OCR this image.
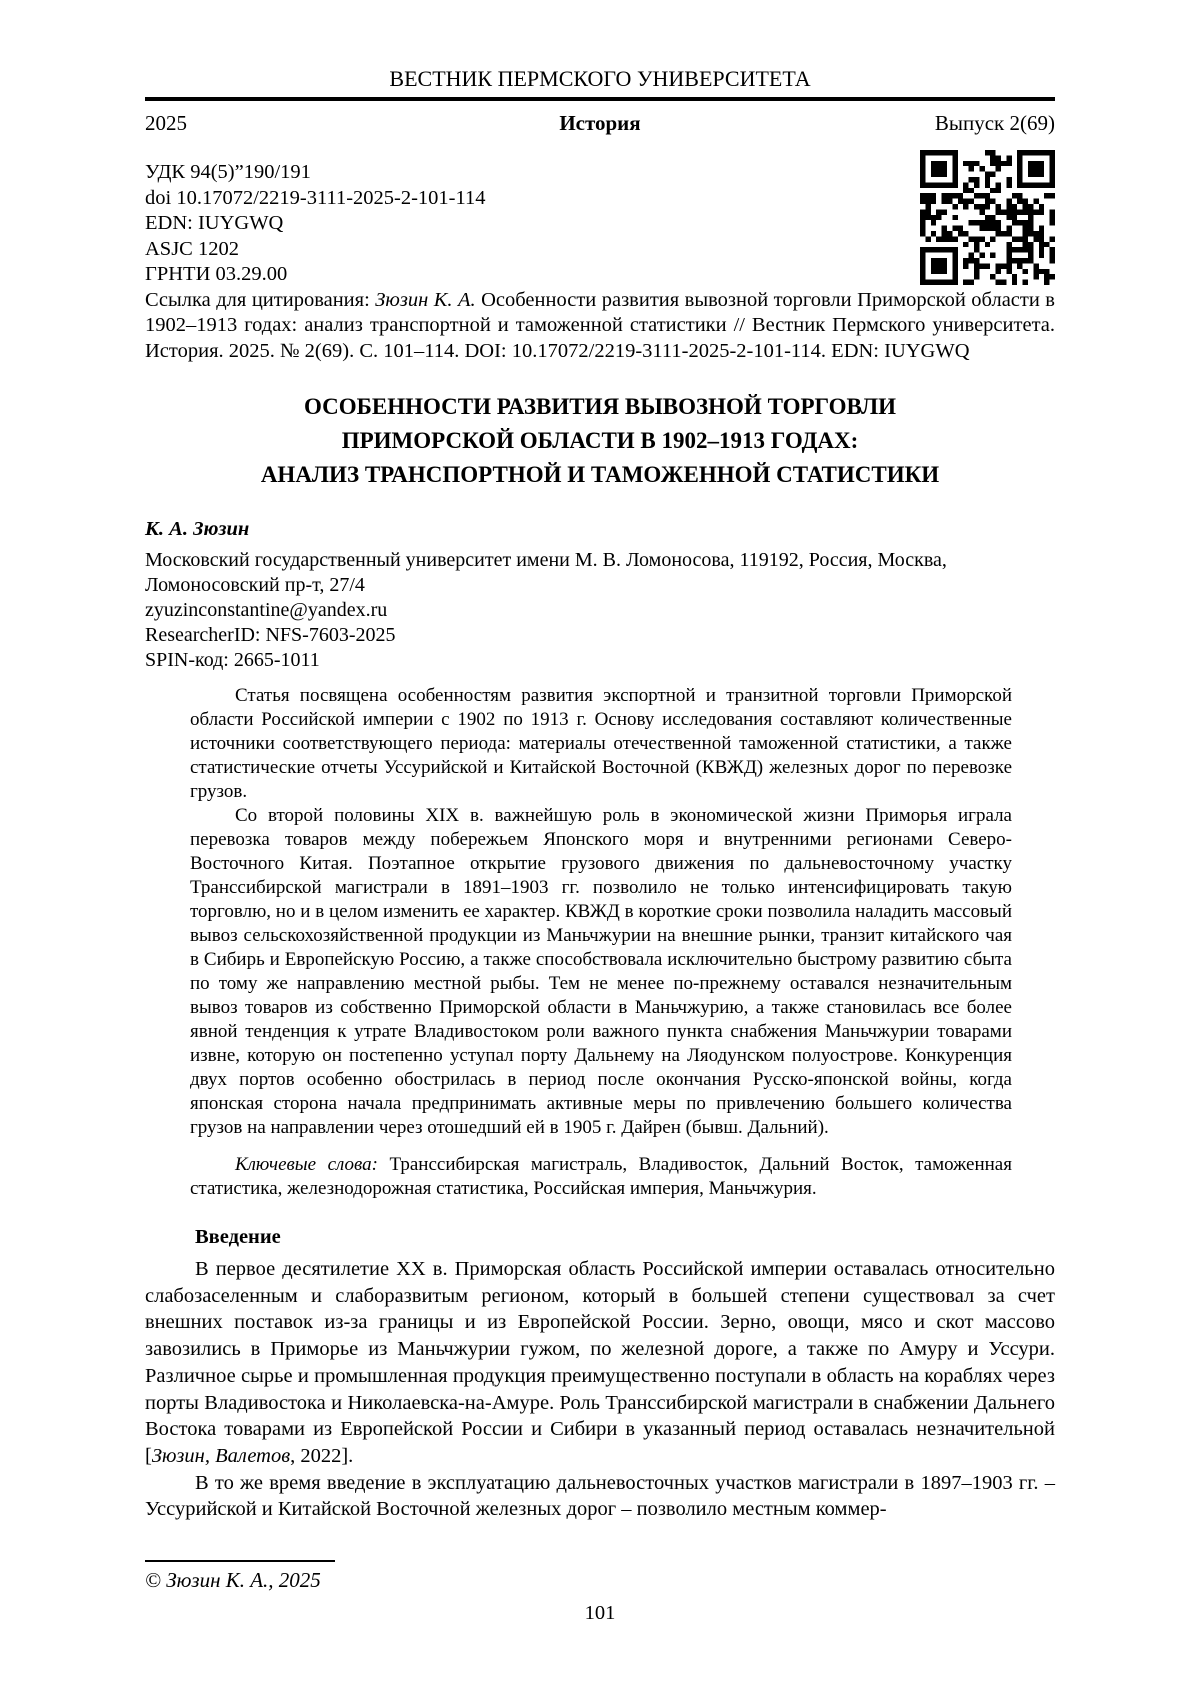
ВЕСТНИК ПЕРМСКОГО УНИВЕРСИТЕТА
2025	История	Выпуск 2(69)
УДК 94(5)”190/191
doi 10.17072/2219-3111-2025-2-101-114
EDN: IUYGWQ
ASJC 1202
ГРНТИ 03.29.00

Ссылка для цитирования: Зюзин К. А. Особенности развития вывозной торговли Приморской области в 1902–1913 годах: анализ транспортной и таможенной статистики // Вестник Пермского университета. История. 2025. № 2(69). С. 101–114. DOI: 10.17072/2219-3111-2025-2-101-114. EDN: IUYGWQ

ОСОБЕННОСТИ РАЗВИТИЯ ВЫВОЗНОЙ ТОРГОВЛИ
ПРИМОРСКОЙ ОБЛАСТИ В 1902–1913 ГОДАХ:
АНАЛИЗ ТРАНСПОРТНОЙ И ТАМОЖЕННОЙ СТАТИСТИКИ
К. А. Зюзин
Московский государственный университет имени М. В. Ломоносова, 119192, Россия, Москва,
Ломоносовский пр-т, 27/4
zyuzinconstantine@yandex.ru
ResearcherID: NFS-7603-2025
SPIN-код: 2665-1011

Статья посвящена особенностям развития экспортной и транзитной торговли Приморской области Российской империи с 1902 по 1913 г. Основу исследования составляют количественные источники соответствующего периода: материалы отечественной таможенной статистики, а также статистические отчеты Уссурийской и Китайской Восточной (КВЖД) железных дорог по перевозке грузов.

Со второй половины XIX в. важнейшую роль в экономической жизни Приморья играла перевозка товаров между побережьем Японского моря и внутренними регионами Северо-Восточного Китая. Поэтапное открытие грузового движения по дальневосточному участку Транссибирской магистрали в 1891–1903 гг. позволило не только интенсифицировать такую торговлю, но и в целом изменить ее характер. КВЖД в короткие сроки позволила наладить массовый вывоз сельскохозяйственной продукции из Маньчжурии на внешние рынки, транзит китайского чая в Сибирь и Европейскую Россию, а также способствовала исключительно быстрому развитию сбыта по тому же направлению местной рыбы. Тем не менее по-прежнему оставался незначительным вывоз товаров из собственно Приморской области в Маньчжурию, а также становилась все более явной тенденция к утрате Владивостоком роли важного пункта снабжения Маньчжурии товарами извне, которую он постепенно уступал порту Дальнему на Ляодунском полуострове. Конкуренция двух портов особенно обострилась в период после окончания Русско-японской войны, когда японская сторона начала предпринимать активные меры по привлечению большего количества грузов на направлении через отошедший ей в 1905 г. Дайрен (бывш. Дальний).

Ключевые слова: Транссибирская магистраль, Владивосток, Дальний Восток, таможенная статистика, железнодорожная статистика, Российская империя, Маньчжурия.

Введение

В первое десятилетие XX в. Приморская область Российской империи оставалась относительно слабозаселенным и слаборазвитым регионом, который в большей степени существовал за счет внешних поставок из-за границы и из Европейской России. Зерно, овощи, мясо и скот массово завозились в Приморье из Маньчжурии гужом, по железной дороге, а также по Амуру и Уссури. Различное сырье и промышленная продукция преимущественно поступали в область на кораблях через порты Владивостока и Николаевска-на-Амуре. Роль Транссибирской магистрали в снабжении Дальнего Востока товарами из Европейской России и Сибири в указанный период оставалась незначительной [Зюзин, Валетов, 2022].

В то же время введение в эксплуатацию дальневосточных участков магистрали в 1897–1903 гг. – Уссурийской и Китайской Восточной железных дорог – позволило местным коммер-

© Зюзин К. А., 2025
101
